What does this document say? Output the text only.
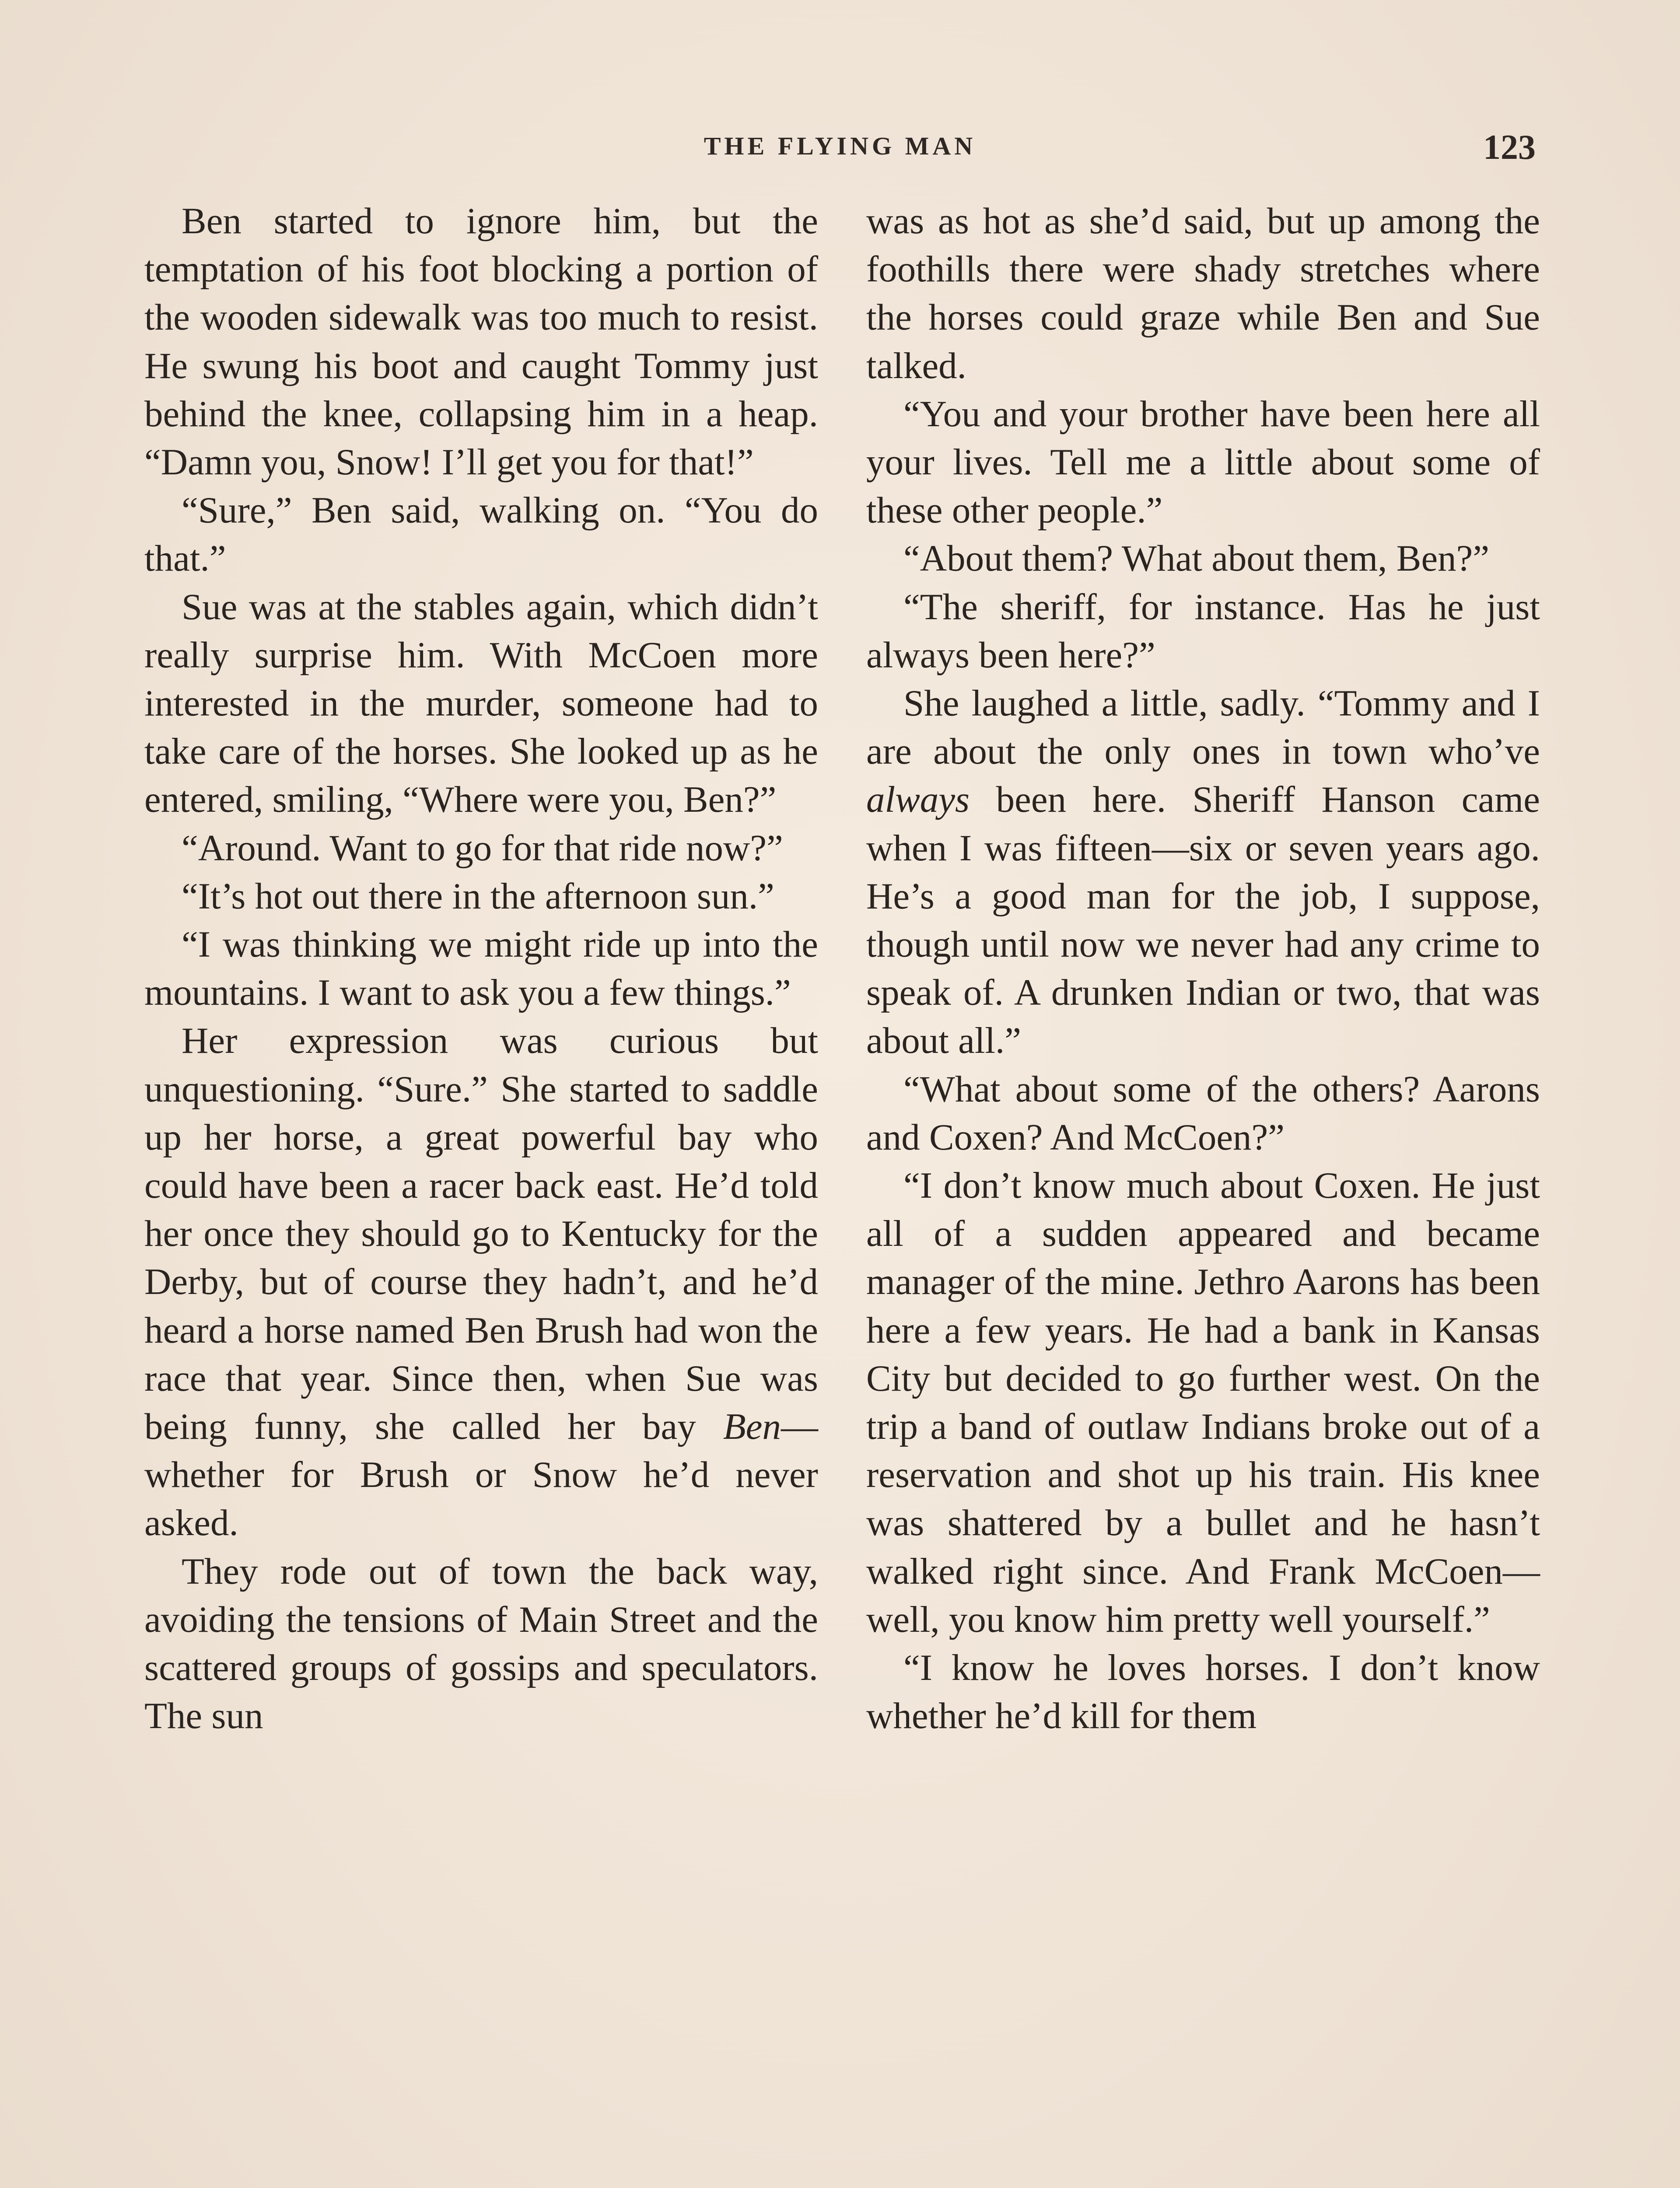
THE FLYING MAN	123

Ben started to ignore him, but the temptation of his foot blocking a portion of the wooden sidewalk was too much to resist. He swung his boot and caught Tommy just behind the knee, collapsing him in a heap. “Damn you, Snow! I’ll get you for that!”

“Sure,” Ben said, walking on. “You do that.”

Sue was at the stables again, which didn’t really surprise him. With McCoen more interested in the murder, someone had to take care of the horses. She looked up as he entered, smiling, “Where were you, Ben?”

“Around. Want to go for that ride now?”

“It’s hot out there in the afternoon sun.”

“I was thinking we might ride up into the mountains. I want to ask you a few things.”

Her expression was curious but unquestioning. “Sure.” She started to saddle up her horse, a great powerful bay who could have been a racer back east. He’d told her once they should go to Kentucky for the Derby, but of course they hadn’t, and he’d heard a horse named Ben Brush had won the race that year. Since then, when Sue was being funny, she called her bay Ben—whether for Brush or Snow he’d never asked.

They rode out of town the back way, avoiding the tensions of Main Street and the scattered groups of gossips and speculators. The sun

was as hot as she’d said, but up among the foothills there were shady stretches where the horses could graze while Ben and Sue talked.

“You and your brother have been here all your lives. Tell me a little about some of these other people.”

“About them? What about them, Ben?”

“The sheriff, for instance. Has he just always been here?”

She laughed a little, sadly. “Tommy and I are about the only ones in town who’ve always been here. Sheriff Hanson came when I was fifteen—six or seven years ago. He’s a good man for the job, I suppose, though until now we never had any crime to speak of. A drunken Indian or two, that was about all.”

“What about some of the others? Aarons and Coxen? And McCoen?”

“I don’t know much about Coxen. He just all of a sudden appeared and became manager of the mine. Jethro Aarons has been here a few years. He had a bank in Kansas City but decided to go further west. On the trip a band of outlaw Indians broke out of a reservation and shot up his train. His knee was shattered by a bullet and he hasn’t walked right since. And Frank McCoen—well, you know him pretty well yourself.”

“I know he loves horses. I don’t know whether he’d kill for them
